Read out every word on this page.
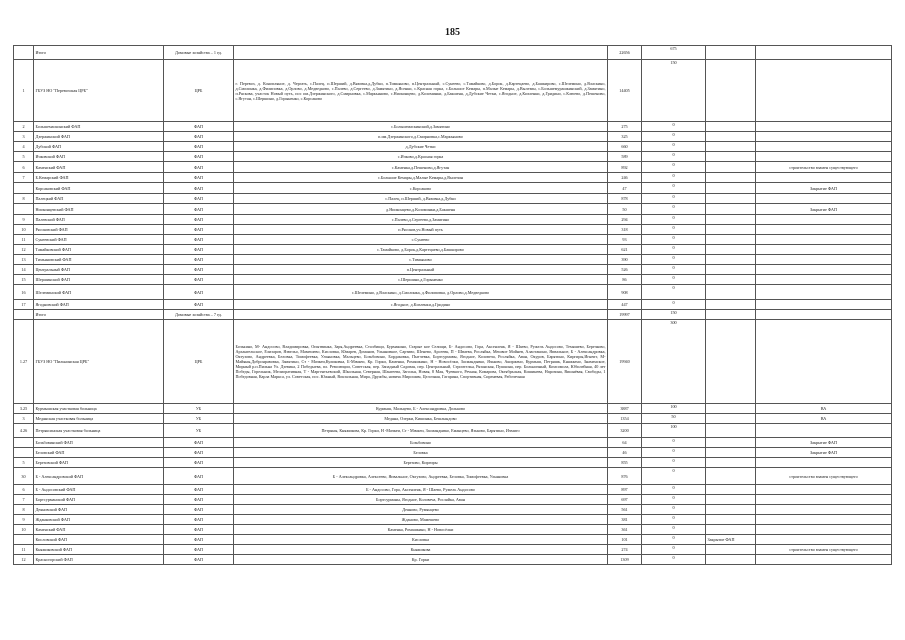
185
	Итого	Домовые хозяйства – 1 ед.		22656	675		
1	ГБУЗ НО "Перевозская ЦРБ"	ЦРБ	г. Перевоз, д. Конопляное, д. Чергать, с.Палец, п.Шерший, д.Вязовка,д.Дубки, п.Тимьяново, п.Центральный, с.Сунеево, с.Тамайково, д.Борок, д.Картецаево, д.Башкирово, с.Шелемино, д.Власкино, д.Смолинка, д.Филиповка, д.Орлово, д.Медведково, с.Палево, д.Сергеево, д.Замятино, д.Ясенки, с.Красная горка, с.Большое Кемары, п.Малые Кемары, д.Вылезин, с.Большемурашкинский, д.Замятино, п.Ряскова, участок Новый путь, пос им.Дзержинского, д.Смирновка, с.Маркьяново, с.Ниоконцево, д.Коломинки, д.Бакшеня, д.Дубские Четки, с.Ягодное, д.Кизленки, д.Гридино, с.Клюево, д.Пешеново, с.Ягутан, с.Шершино, д.Горыненко, с.Корсаково	14405	150		
2	Большемаскинский ФАП	ФАП	с.Большемаскинский,д.Замятино	275	0		
3	Дзержинский ФАП	ФАП	п.им.Дзержинского,д.Смирновка,с.Маркьяново	325	0		
4	Дубский ФАП	ФАП	д.Дубские Четки	660	0		
5	Ичковский ФАП	ФАП	с.Ичково,д.Красная горка	589	0		
6	Каменский ФАП	ФАП	с.Каменка,д.Пешеново,д.Ягутан	892	0		строительство взамен существующего
7	Б.Кемарский ФАП	ФАП	с.Большие Кемары,д.Малые Кемары,д.Вылезин	246	0		
	Корсаковский ФАП	ФАП	с.Корсаково	47	0		Закрытие ФАП
8	Палецкий ФАП	ФАП	с.Палец, п.Шерший, д.Вязовка,д.Дубки	878	0		
	Ниоконцевский ФАП	ФАП	д.Ниоконцево,д.Коломинки,д.Бакшеня	50	0		Закрытие ФАП
9	Палевский ФАП	ФАП	с.Палево,д.Сергеево,д.Замятино	294	0		
10	Ряссковский ФАП	ФАП	п.Ряссков,уч.Новый путь	318	0		
11	Сунеевский ФАП	ФАП	с.Сунеево	93	0		
12	Тамайковский ФАП	ФАП	с.Тамайково, д.Борок,д.Картецаево,д.Башкирово	621	0		
13	Тимьяновский ФАП	ФАП	с.Тимьяново	390	0		
14	Центральный ФАП	ФАП	п.Центральный	526	0		
15	Шершинский ФАП	ФАП	с.Шершино,д.Горыненко	86	0		
16	Шелеминский ФАП	ФАП	с.Шелемино, д.Власкино, д.Смолинка, д.Филиповка, д.Орлово,д.Медведково	908	0		
17	Ягодновский ФАП	ФАП	с.Ягодное, д.Кизленки,д.Гридино	447	0		
	Итого	Домовые хозяйства – 7 ед.		19997	150		
1.27	ГБУЗ НО "Пильнинская ЦРБ"	ЦРБ	Бозькино, М- Андосово, Владимировка, Опытвинка, Заря,Андреевка, Столбищи, Бурмакино, Старые кое Селищи, Б- Андосово, Гора, Аксенлеяк, Я - Шаево, Ружель Андосово, Темяшево, Березково, Архангельское, Елизаров, Язвельо, Мамешево, Кисловка, Юмарев, Доманов, Ульяновкое, Сартиво, Шенево, Арсеевк, П - Шваева, Росляйка, Мешвое Мойнев, Алаотакино, Япвальное, Б - Александровка, Октузово, Андреевка, Беловка, Тимофеевка, Ульяновка, Мальцево, Бозьбовино, Бордаковка, Пытчевка, Бортсурмавы, Ягодное, Коловеча, Росляйка, Аван, Окуров, Барятино, Киргиры,Игнеит, М- Майяны,Добронравовка, Замятино, Ст - Мачкеи,Куликовка, Б-Мачкеи, Кр. Горки, Каменка, Ромашкино, Н - Новосёлки, Засмандывко, Язьково, Акиржено, Курмыш, Петряшк, Княжкено, Знаменское, Мирный р.п.Пильна Ул. Дзевика, 2 Победыева, пл. Революции, Советская, пер. Западный Садовая, пер. Центральный, Строительн, Рязанская, Пушкина, пер. Больничный, Комсомола, Юбилейная, 40 лет Победы, Горельник, Мелиоративная, Т - Маргентьевский, Школьная, Северная, Шангеева, Заголья, Новая, 8 Мая, Чуевкого, Речная, Комарова, Октябрьская, Кишинева, Нарозина, Вишнёвая, Свободы, 1 Победовная, Карла Маркса, ул. Советская, пос. Южный, Вокзальная, Мира, Дружбы, новичь Мирошим, Целочная, Гагарина, Спортивная, Сиреневая, Рабочечная	19940	300		
3.25	Курмышская участковая больница	УБ	Курмыш, Мальцево, Б - Александровка, Дольково	3887	100		ВА
3	Медянская участковая больница	УБ	Медяна, Озерки, Кишинка, Бешлындово	1354	50		ВА
4.26	Петряксинская участковая больница	УБ	Петряны, Княжикова, Кр. Горки, Н -Мачкеи, Ст - Мачкеи, Засмандывко, Еманцево, Язьково, Барятино, Ичмиго	3200	100		
	Бозьбовинский ФАП	ФАП	Бозьбовино	64	0		Закрытие ФАП
	Беловский ФАП	ФАП	Беловка	46	0		Закрытие ФАП
5	Березовский ФАП	ФАП	Березово, Киргиры	855	0		
30	Б - Александровский ФАП	ФАП	Б - Александровка, Алексеево, Япвальное, Октузово, Андреевка, Беловка, Тимофеевка, Ульяновка	876	0		строительство взамен существующего
6	Б - Андосовский ФАП	ФАП	Б - Андосово, Гора, Аксенлеяк, Я - Шаево, Ружель Андосово	897	0		
7	Бортсурманский ФАП	ФАП	Бортсурманы, Ягодное, Коловеча, Росляйка, Аван	697	0		
8	Деяновский ФАП	ФАП	Деяново, Румянцево	561	0		
9	Жданковский ФАП	ФАП	Жданово, Мамешево	381	0		
10	Каменский ФАП	ФАП	Каменка, Ромашкино, Н - Новосёлки	361	0		
	Кисловский ФАП	ФАП	Кисловка	101	0	Закрытие ФАП	
11	Княжиковский ФАП	ФАП	Княжикова	274	0		строительство взамен существующего
12	Красногорский ФАП	ФАП	Кр. Горки	1309	0		
